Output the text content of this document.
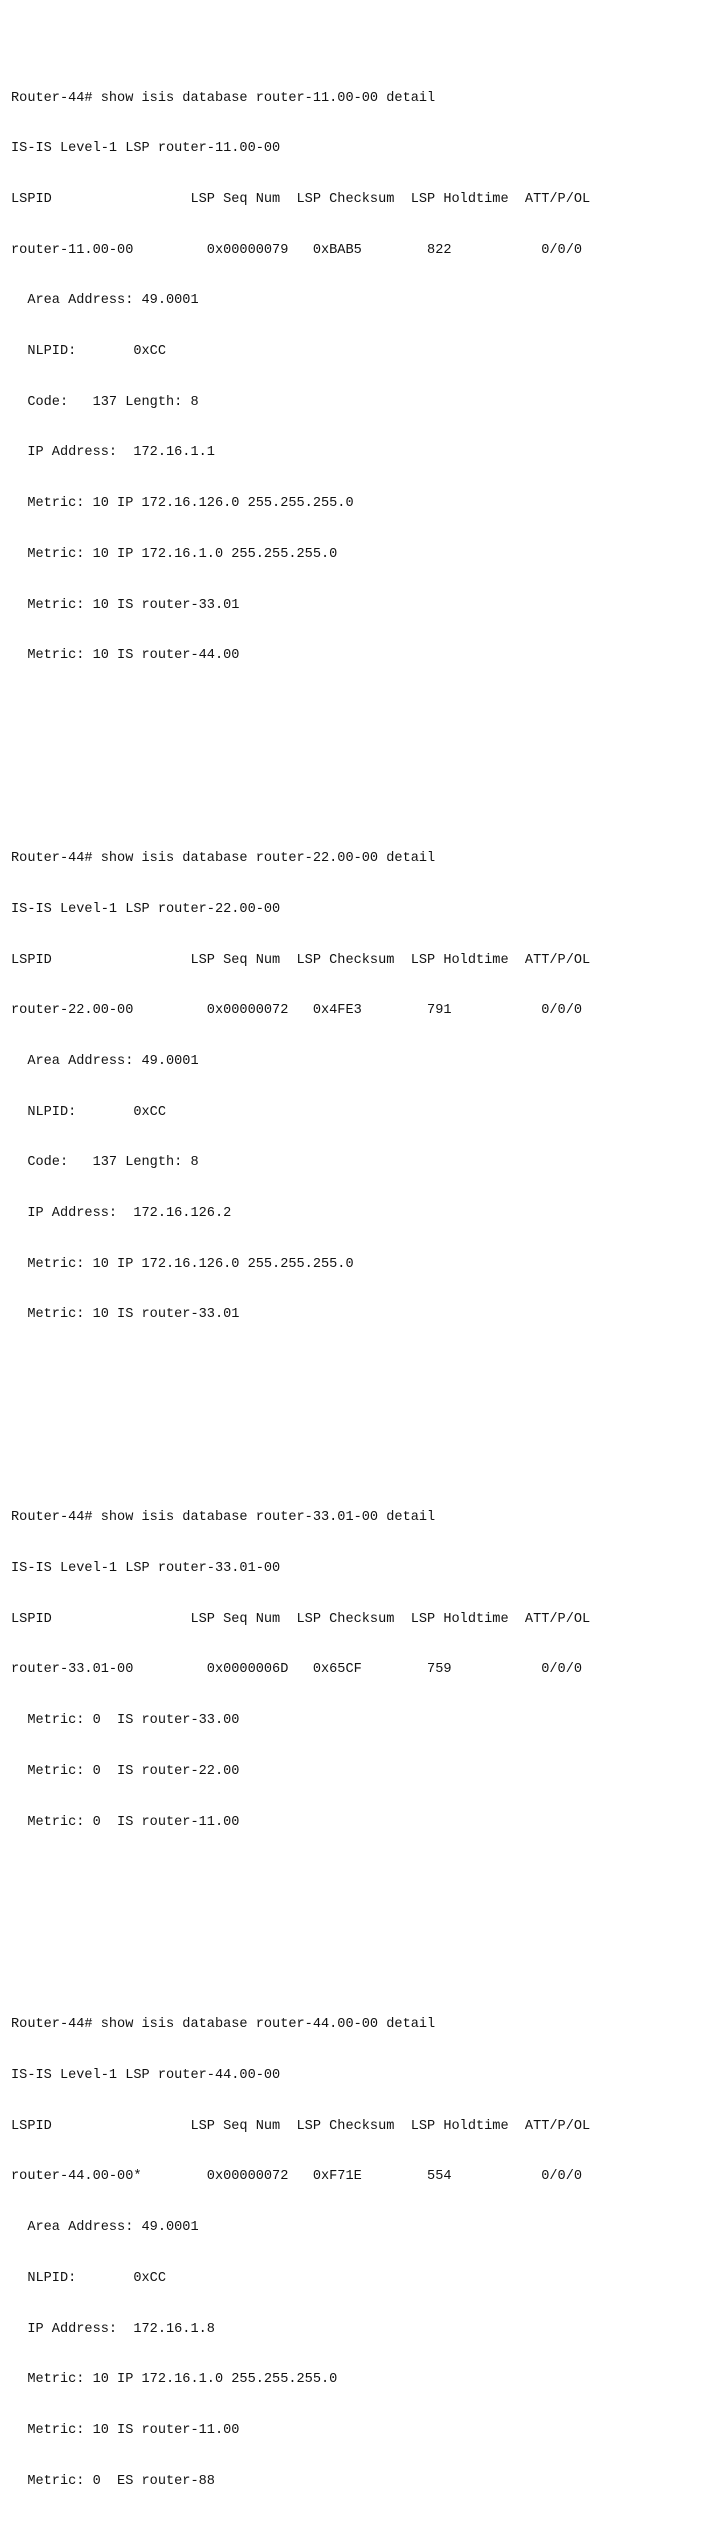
Router-44# show isis database router-11.00-00 detail

IS-IS Level-1 LSP router-11.00-00

LSPID                 LSP Seq Num  LSP Checksum  LSP Holdtime  ATT/P/OL

router-11.00-00         0x00000079   0xBAB5        822           0/0/0

Area Address: 49.0001

NLPID:       0xCC

Code:   137 Length: 8

IP Address:  172.16.1.1

Metric: 10 IP 172.16.126.0 255.255.255.0

Metric: 10 IP 172.16.1.0 255.255.255.0

Metric: 10 IS router-33.01

Metric: 10 IS router-44.00

Router-44# show isis database router-22.00-00 detail

IS-IS Level-1 LSP router-22.00-00

LSPID                 LSP Seq Num  LSP Checksum  LSP Holdtime  ATT/P/OL

router-22.00-00         0x00000072   0x4FE3        791           0/0/0

Area Address: 49.0001

NLPID:       0xCC

Code:   137 Length: 8

IP Address:  172.16.126.2

Metric: 10 IP 172.16.126.0 255.255.255.0

Metric: 10 IS router-33.01

Router-44# show isis database router-33.01-00 detail

IS-IS Level-1 LSP router-33.01-00

LSPID                 LSP Seq Num  LSP Checksum  LSP Holdtime  ATT/P/OL

router-33.01-00         0x0000006D   0x65CF        759           0/0/0

Metric: 0  IS router-33.00

Metric: 0  IS router-22.00

Metric: 0  IS router-11.00

Router-44# show isis database router-44.00-00 detail

IS-IS Level-1 LSP router-44.00-00

LSPID                 LSP Seq Num  LSP Checksum  LSP Holdtime  ATT/P/OL

router-44.00-00*        0x00000072   0xF71E        554           0/0/0

Area Address: 49.0001

NLPID:       0xCC

IP Address:  172.16.1.8

Metric: 10 IP 172.16.1.0 255.255.255.0

Metric: 10 IS router-11.00

Metric: 0  ES router-88
